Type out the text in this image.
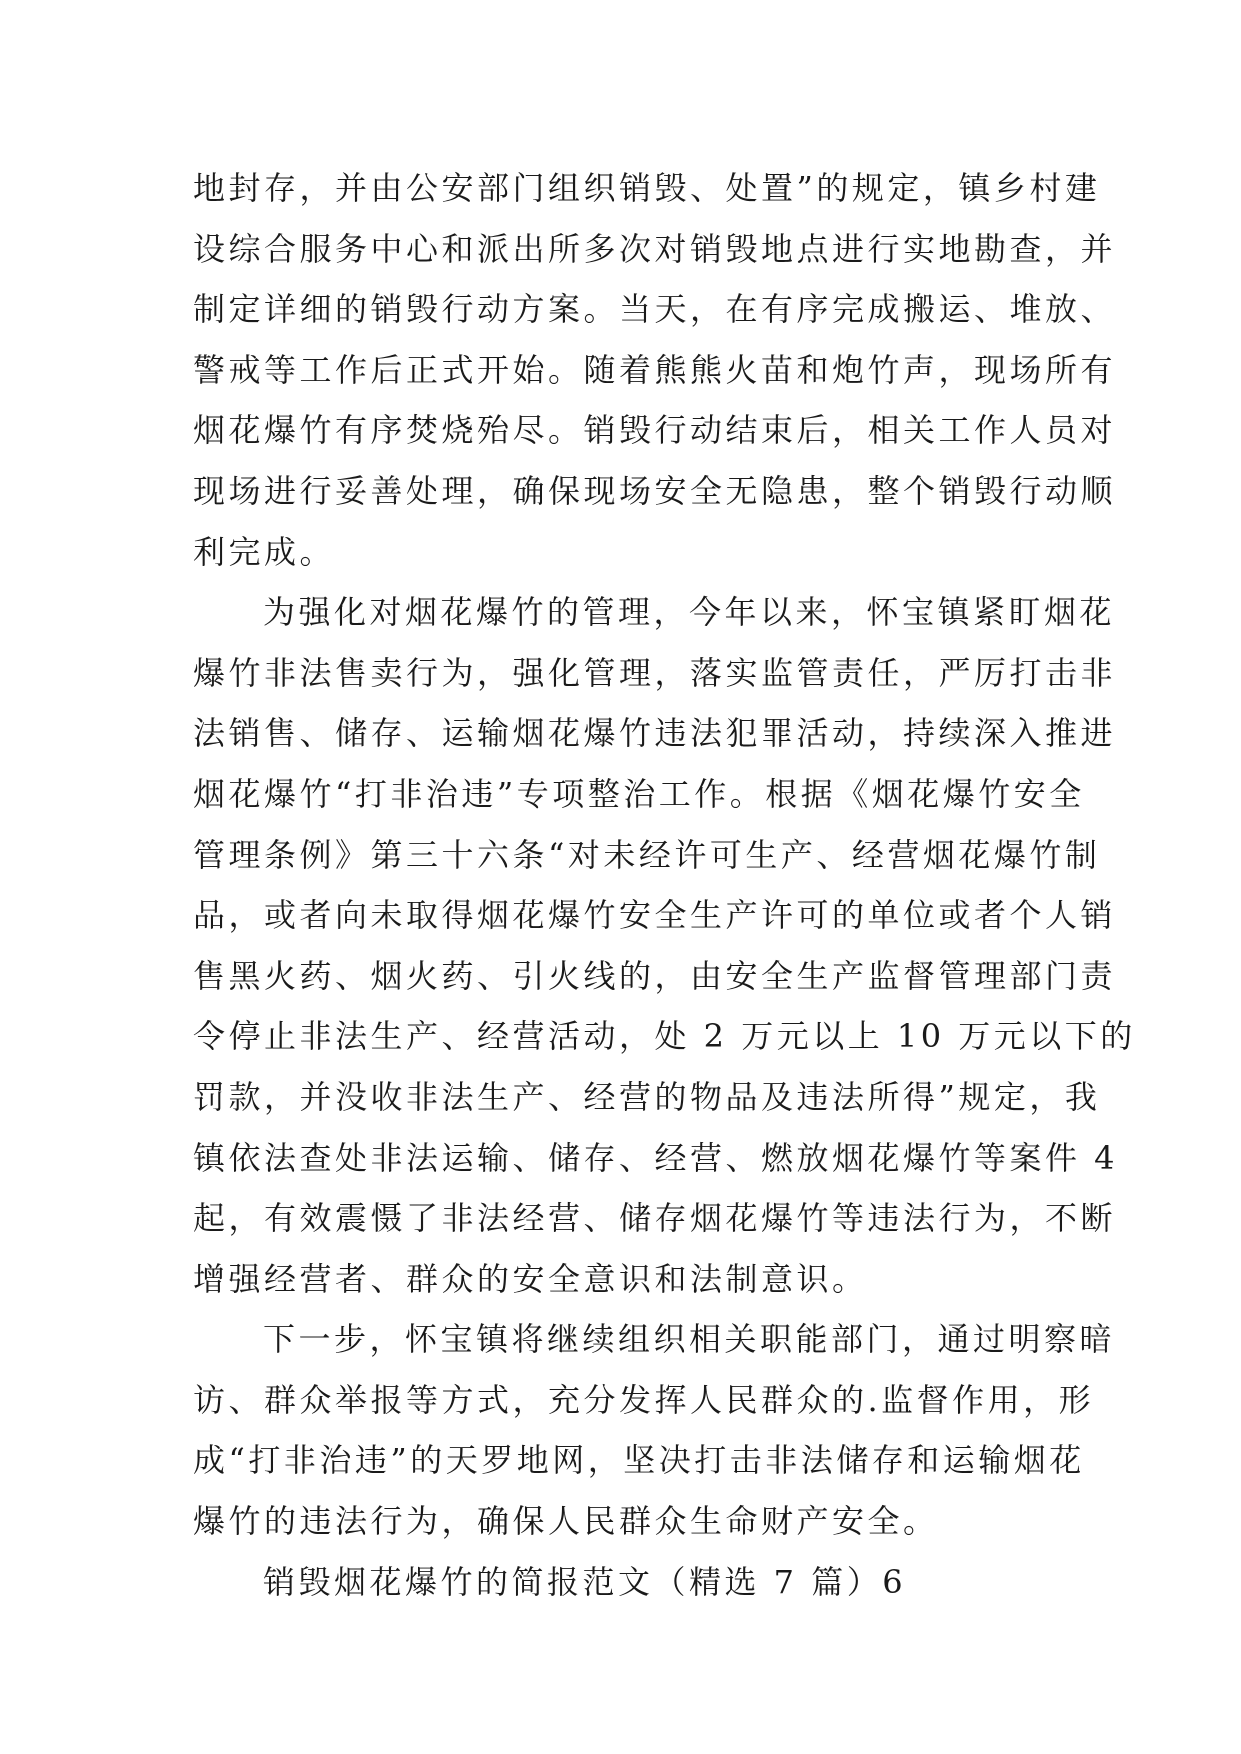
地封存，并由公安部门组织销毁、处置”的规定，镇乡村建
设综合服务中心和派出所多次对销毁地点进行实地勘查，并
制定详细的销毁行动方案。当天，在有序完成搬运、堆放、
警戒等工作后正式开始。随着熊熊火苗和炮竹声，现场所有
烟花爆竹有序焚烧殆尽。销毁行动结束后，相关工作人员对
现场进行妥善处理，确保现场安全无隐患，整个销毁行动顺
利完成。

为强化对烟花爆竹的管理，今年以来，怀宝镇紧盯烟花
爆竹非法售卖行为，强化管理，落实监管责任，严厉打击非
法销售、储存、运输烟花爆竹违法犯罪活动，持续深入推进
烟花爆竹“打非治违”专项整治工作。根据《烟花爆竹安全
管理条例》第三十六条“对未经许可生产、经营烟花爆竹制
品，或者向未取得烟花爆竹安全生产许可的单位或者个人销
售黑火药、烟火药、引火线的，由安全生产监督管理部门责
令停止非法生产、经营活动，处 2 万元以上 10 万元以下的
罚款，并没收非法生产、经营的物品及违法所得”规定，我
镇依法查处非法运输、储存、经营、燃放烟花爆竹等案件 4
起，有效震慑了非法经营、储存烟花爆竹等违法行为，不断
增强经营者、群众的安全意识和法制意识。

下一步，怀宝镇将继续组织相关职能部门，通过明察暗
访、群众举报等方式，充分发挥人民群众的.监督作用，形
成“打非治违”的天罗地网，坚决打击非法储存和运输烟花
爆竹的违法行为，确保人民群众生命财产安全。

销毁烟花爆竹的简报范文（精选 7 篇）6
